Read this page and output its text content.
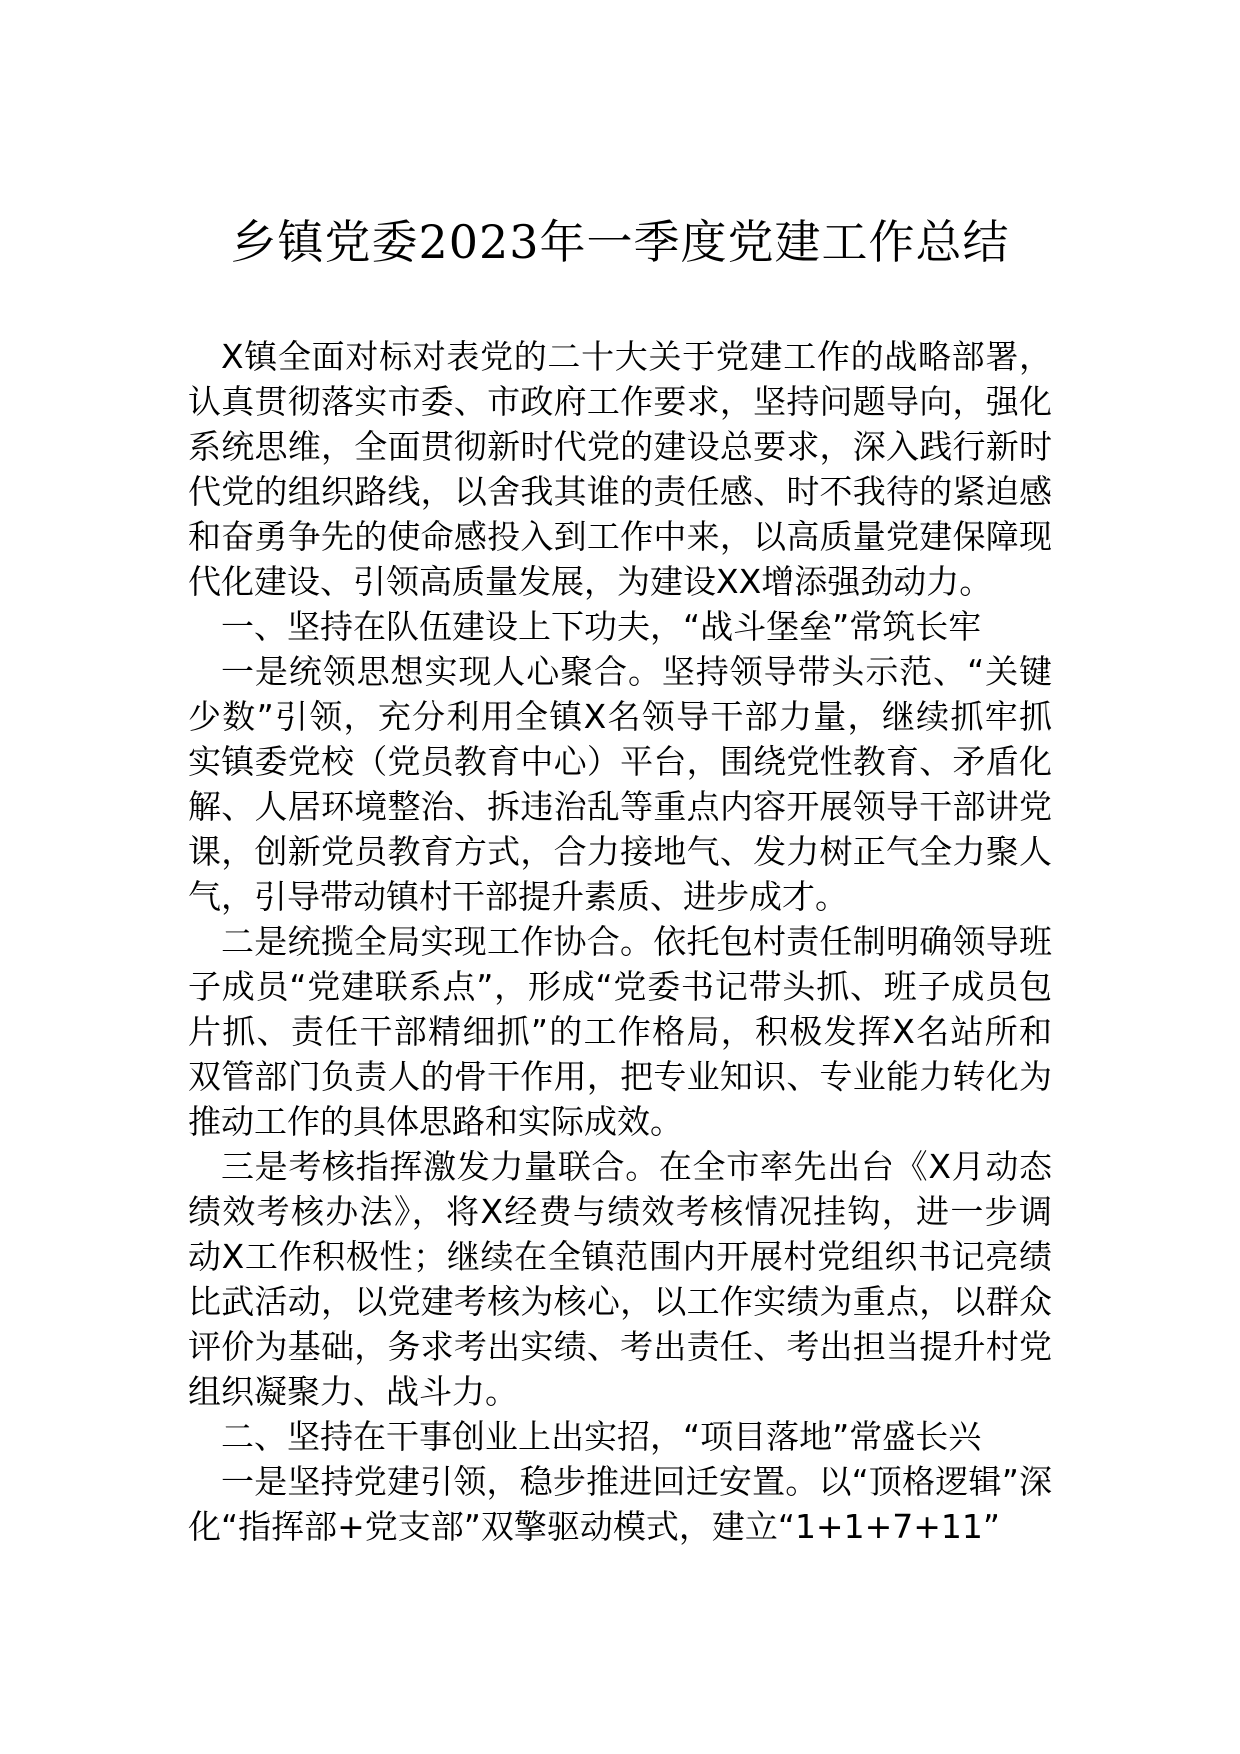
乡镇党委2023年一季度党建工作总结

X镇全面对标对表党的二十大关于党建工作的战略部署，认真贯彻落实市委、市政府工作要求，坚持问题导向，强化系统思维，全面贯彻新时代党的建设总要求，深入践行新时代党的组织路线，以舍我其谁的责任感、时不我待的紧迫感和奋勇争先的使命感投入到工作中来，以高质量党建保障现代化建设、引领高质量发展，为建设XX增添强劲动力。

一、坚持在队伍建设上下功夫，“战斗堡垒”常筑长牢

一是统领思想实现人心聚合。坚持领导带头示范、“关键少数”引领，充分利用全镇X名领导干部力量，继续抓牢抓实镇委党校（党员教育中心）平台，围绕党性教育、矛盾化解、人居环境整治、拆违治乱等重点内容开展领导干部讲党课，创新党员教育方式，合力接地气、发力树正气全力聚人气，引导带动镇村干部提升素质、进步成才。

二是统揽全局实现工作协合。依托包村责任制明确领导班子成员“党建联系点”，形成“党委书记带头抓、班子成员包片抓、责任干部精细抓”的工作格局，积极发挥X名站所和双管部门负责人的骨干作用，把专业知识、专业能力转化为推动工作的具体思路和实际成效。

三是考核指挥激发力量联合。在全市率先出台《X月动态绩效考核办法》，将X经费与绩效考核情况挂钩，进一步调动X工作积极性；继续在全镇范围内开展村党组织书记亮绩比武活动，以党建考核为核心，以工作实绩为重点，以群众评价为基础，务求考出实绩、考出责任、考出担当提升村党组织凝聚力、战斗力。

二、坚持在干事创业上出实招，“项目落地”常盛长兴

一是坚持党建引领，稳步推进回迁安置。以“顶格逻辑”深化“指挥部+党支部”双擎驱动模式，建立“1+1+7+11”
